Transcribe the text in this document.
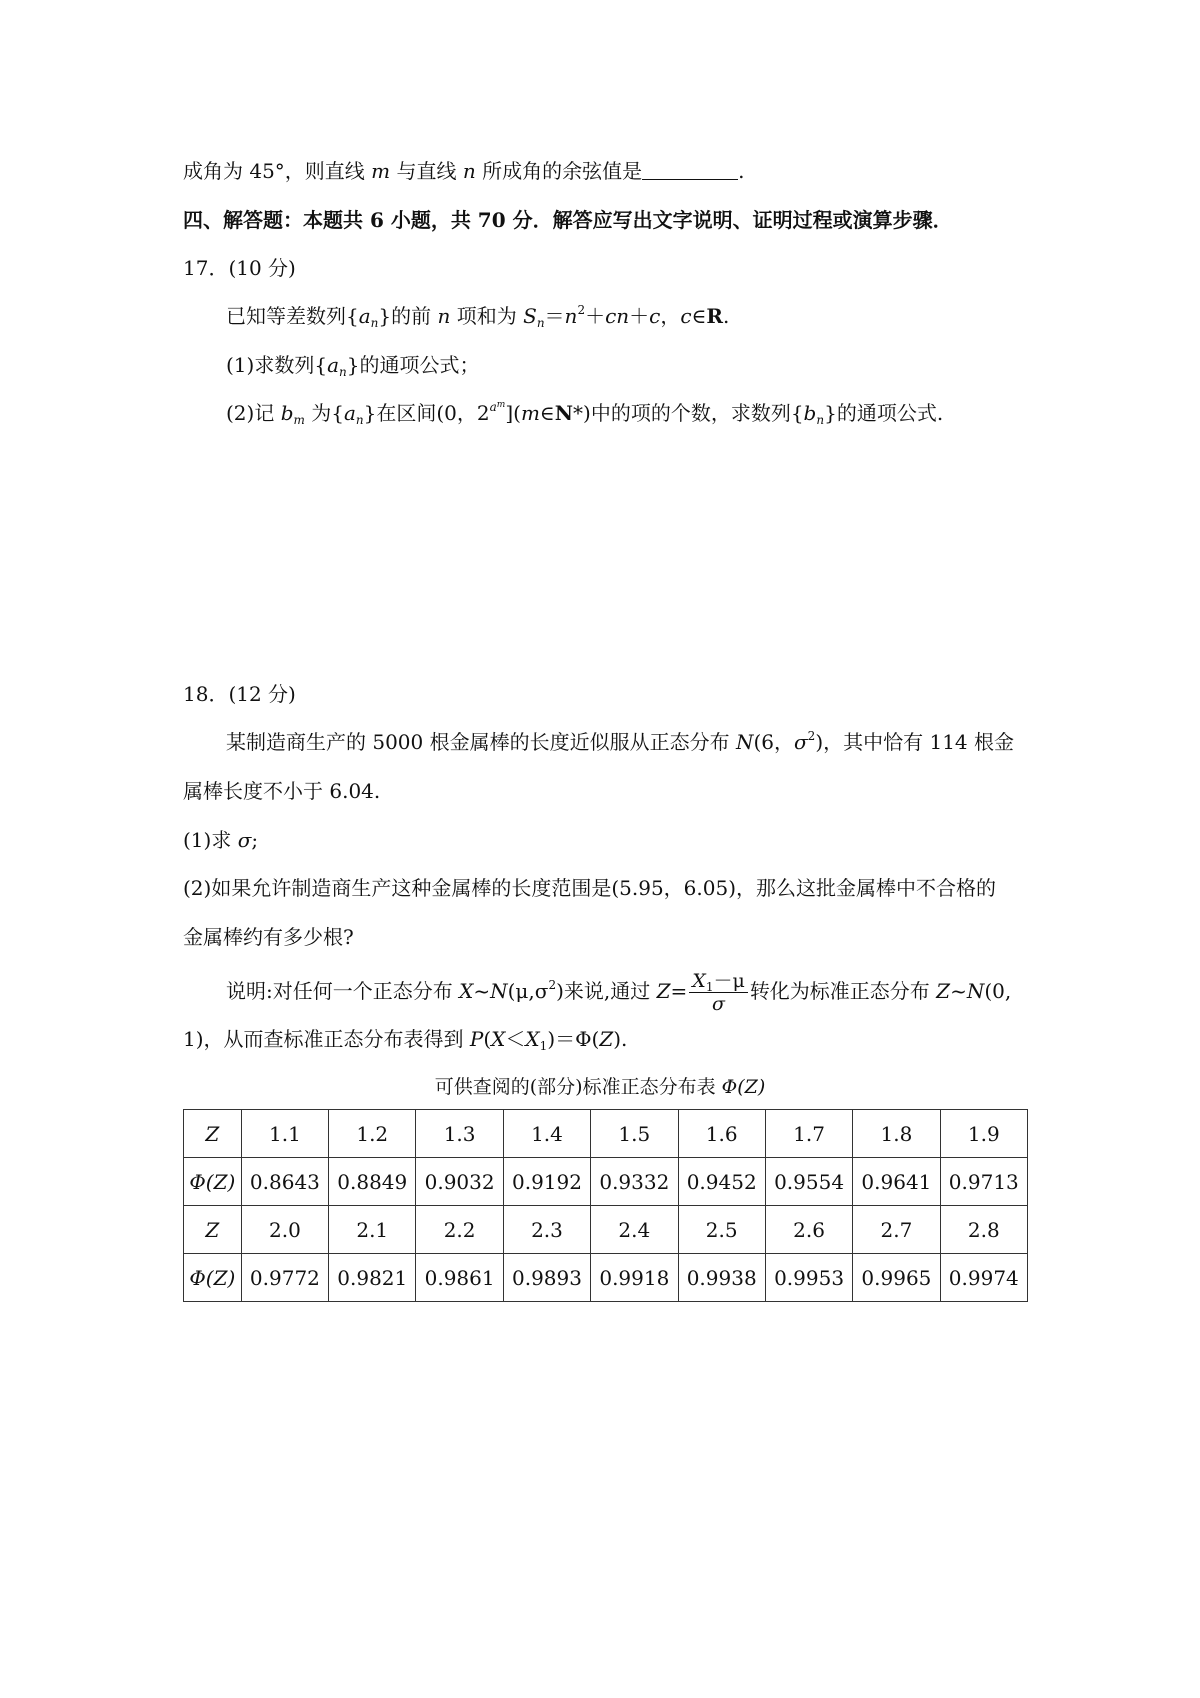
成角为 45°，则直线 m 与直线 n 所成角的余弦值是	.
四、解答题：本题共 6 小题，共 70 分．解答应写出文字说明、证明过程或演算步骤．
17．(10 分)
已知等差数列$\{a_n\}$的前 n 项和为 $S_n=n^2+cn+c$，c∈R.
(1)求数列$\{a_n\}$的通项公式；
(2)记 $b_m$ 为$\{a_n\}$在区间(0，$2^{a^m}](m\in N*)$中的项的个数，求数列$\{b_n\}$的通项公式.
18．(12 分)
某制造商生产的 5000 根金属棒的长度近似服从正态分布 N(6，$\sigma^2$)，其中恰有 114 根金
属棒长度不小于 6.04.
(1)求 σ;
(2)如果允许制造商生产这种金属棒的长度范围是(5.95，6.05)，那么这批金属棒中不合格的
金属棒约有多少根?
说明:对任何一个正态分布 $X\sim N(\mu,\sigma^2)$来说,通过 $Z= \frac{X_1-\mu}{\sigma}$ 转化为标准正态分布 Z~N(0,
1)，从而查标准正态分布表得到 $P(X<X_1)=\Phi(Z)$.
可供查阅的(部分)标准正态分布表 Φ(Z)
Z	1.1	1.2	1.3	1.4	1.5	1.6	1.7	1.8	1.9
Φ(Z)	0.8643	0.8849	0.9032	0.9192	0.9332	0.9452	0.9554	0.9641	0.9713
Z	2.0	2.1	2.2	2.3	2.4	2.5	2.6	2.7	2.8
Φ(Z)	0.9772	0.9821	0.9861	0.9893	0.9918	0.9938	0.9953	0.9965	0.9974
